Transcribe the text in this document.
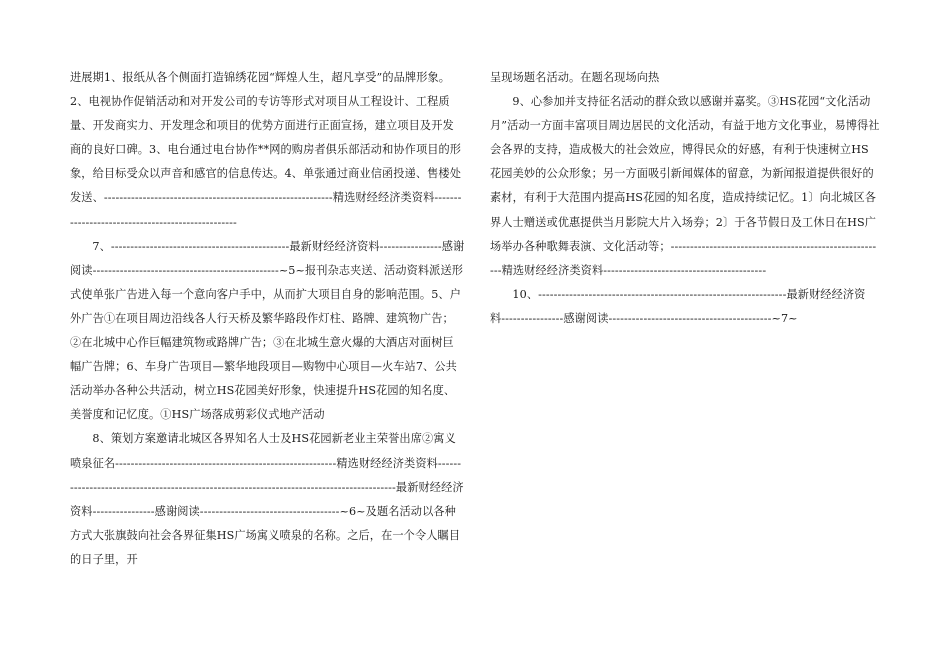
进展期1、报纸从各个侧面打造锦绣花园“辉煌人生，超凡享受”的品牌形象。

2、电视协作促销活动和对开发公司的专访等形式对项目从工程设计、工程质量、开发商实力、开发理念和项目的优势方面进行正面宣扬，建立项目及开发商的良好口碑。3、电台通过电台协作**网的购房者俱乐部活动和协作项目的形象，给目标受众以声音和感官的信息传达。4、单张通过商业信函投递、售楼处发送、-----------------------------------------------------------精选财经经济类资料--------------------------------------------------

7、----------------------------------------------最新财经经济资料----------------感谢阅读------------------------------------------------~5~报刊杂志夹送、活动资料派送形式使单张广告进入每一个意向客户手中，从而扩大项目自身的影响范围。5、户外广告①在项目周边沿线各人行天桥及繁华路段作灯柱、路牌、建筑物广告；②在北城中心作巨幅建筑物或路牌广告；③在北城生意火爆的大酒店对面树巨幅广告牌；6、车身广告项目—繁华地段项目—购物中心项目—火车站7、公共活动举办各种公共活动，树立HS花园美好形象，快速提升HS花园的知名度、美誉度和记忆度。①HS广场落成剪彩仪式地产活动

8、策划方案邀请北城区各界知名人士及HS花园新老业主荣誉出席②寓义喷泉征名---------------------------------------------------------精选财经经济类资料------------------------------------------------------------------------------------------最新财经经济资料----------------感谢阅读------------------------------------~6~及题名活动以各种方式大张旗鼓向社会各界征集HS广场寓义喷泉的名称。之后，在一个令人瞩目的日子里，开

呈现场题名活动。在题名现场向热

9、心参加并支持征名活动的群众致以感谢并嘉奖。③HS花园“文化活动月”活动一方面丰富项目周边居民的文化活动，有益于地方文化事业，易博得社会各界的支持，造成极大的社会效应，博得民众的好感，有利于快速树立HS花园美妙的公众形象；另一方面吸引新闻媒体的留意，为新闻报道提供很好的素材，有利于大范围内提高HS花园的知名度，造成持续记忆。1〕向北城区各界人士赠送或优惠提供当月影院大片入场券；2〕于各节假日及工休日在HS广场举办各种歌舞表演、文化活动等；--------------------------------------------------------精选财经经济类资料------------------------------------------

10、----------------------------------------------------------------最新财经经济资料----------------感谢阅读------------------------------------------~7~
